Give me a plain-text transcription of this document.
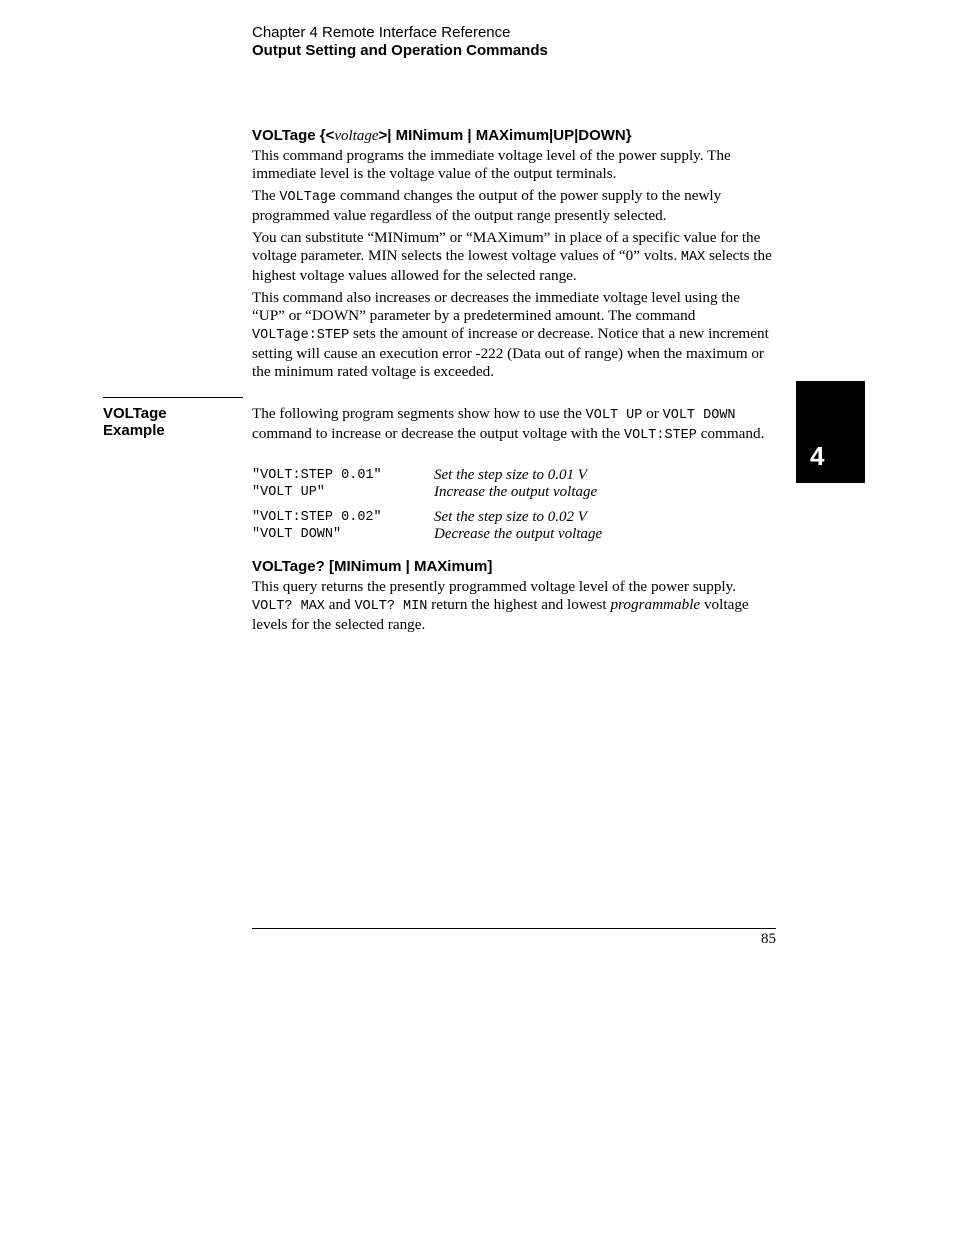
Chapter 4 Remote Interface Reference
Output Setting and Operation Commands
VOLTage {<voltage>| MINimum | MAXimum|UP|DOWN}

This command programs the immediate voltage level of the power supply. The immediate level is the voltage value of the output terminals.

The VOLTage command changes the output of the power supply to the newly programmed value regardless of the output range presently selected.

You can substitute “MINimum” or “MAXimum” in place of a specific value for the voltage parameter. MIN selects the lowest voltage values of “0” volts. MAX selects the highest voltage values allowed for the selected range.

This command also increases or decreases the immediate voltage level using the “UP” or “DOWN” parameter by a predetermined amount. The command VOLTage:STEP sets the amount of increase or decrease. Notice that a new increment setting will cause an execution error -222 (Data out of range) when the maximum or the minimum rated voltage is exceeded.

VOLTage
Example

The following program segments show how to use the VOLT UP or VOLT DOWN command to increase or decrease the output voltage with the VOLT:STEP command.

"VOLT:STEP 0.01"	Set the step size to 0.01 V
"VOLT UP"	Increase the output voltage
"VOLT:STEP 0.02"	Set the step size to 0.02 V
"VOLT DOWN"	Decrease the output voltage
VOLTage? [MINimum | MAXimum]

This query returns the presently programmed voltage level of the power supply. VOLT? MAX and VOLT? MIN return the highest and lowest programmable voltage levels for the selected range.

4
85
